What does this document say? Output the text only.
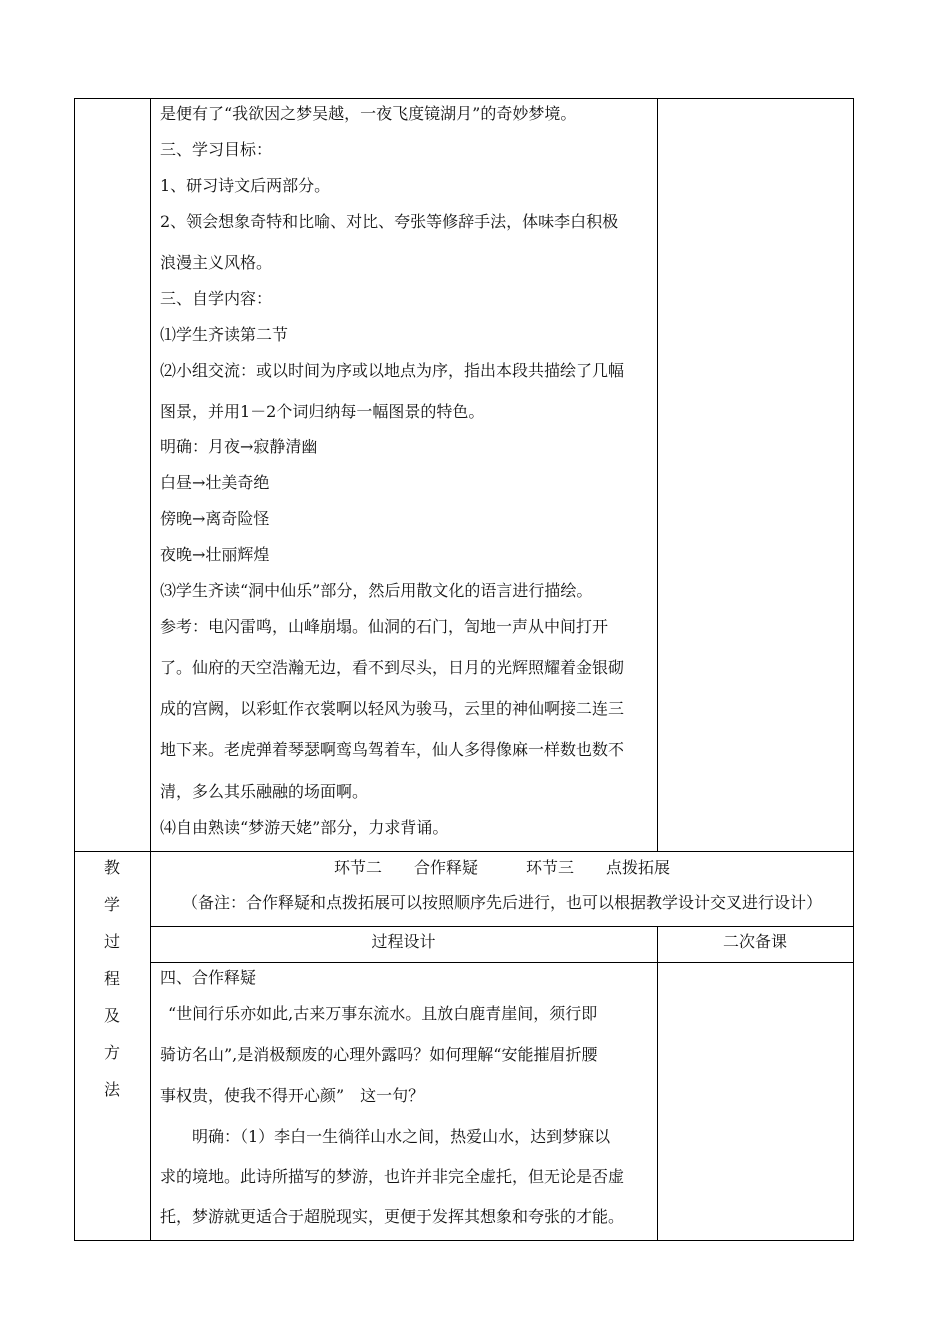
是便有了“我欲因之梦吴越，一夜飞度镜湖月”的奇妙梦境。
三、学习目标：
1、研习诗文后两部分。
2、领会想象奇特和比喻、对比、夸张等修辞手法，体味李白积极
浪漫主义风格。
三、自学内容：
⑴学生齐读第二节
⑵小组交流：或以时间为序或以地点为序，指出本段共描绘了几幅
图景，并用1－2个词归纳每一幅图景的特色。
明确：月夜→寂静清幽
白昼→壮美奇绝
傍晚→离奇险怪
夜晚→壮丽辉煌
⑶学生齐读“洞中仙乐”部分，然后用散文化的语言进行描绘。
参考：电闪雷鸣，山峰崩塌。仙洞的石门，訇地一声从中间打开
了。仙府的天空浩瀚无边，看不到尽头，日月的光辉照耀着金银砌
成的宫阙，以彩虹作衣裳啊以轻风为骏马，云里的神仙啊接二连三
地下来。老虎弹着琴瑟啊鸾鸟驾着车，仙人多得像麻一样数也数不
清，多么其乐融融的场面啊。
⑷自由熟读“梦游天姥”部分，力求背诵。
教
学
过
程
及
方
法
环节二　　合作释疑　　　环节三　　点拨拓展
（备注：合作释疑和点拨拓展可以按照顺序先后进行，也可以根据教学设计交叉进行设计）
过程设计	二次备课
四、合作释疑
“世间行乐亦如此,古来万事东流水。且放白鹿青崖间，须行即
骑访名山”,是消极颓废的心理外露吗？如何理解“安能摧眉折腰
事权贵，使我不得开心颜”　这一句？
明确：（1）李白一生徜徉山水之间，热爱山水，达到梦寐以
求的境地。此诗所描写的梦游，也许并非完全虚托，但无论是否虚
托，梦游就更适合于超脱现实，更便于发挥其想象和夸张的才能。
